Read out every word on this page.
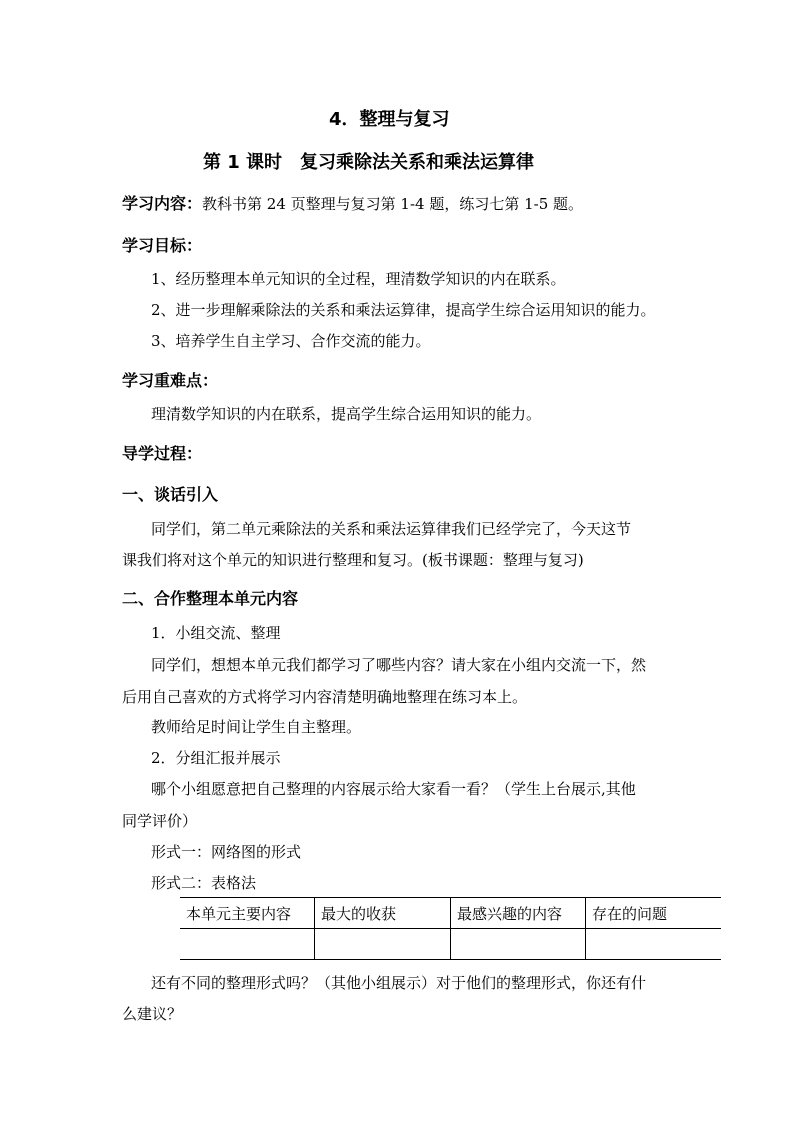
4．整理与复习
第 1 课时　复习乘除法关系和乘法运算律
学习内容：教科书第 24 页整理与复习第 1-4 题，练习七第 1-5 题。
学习目标：
1、经历整理本单元知识的全过程，理清数学知识的内在联系。
2、进一步理解乘除法的关系和乘法运算律，提高学生综合运用知识的能力。
3、培养学生自主学习、合作交流的能力。
学习重难点：
理清数学知识的内在联系，提高学生综合运用知识的能力。
导学过程：
一、谈话引入
同学们，第二单元乘除法的关系和乘法运算律我们已经学完了，今天这节
课我们将对这个单元的知识进行整理和复习。(板书课题：整理与复习)
二、合作整理本单元内容
1．小组交流、整理
同学们，想想本单元我们都学习了哪些内容？请大家在小组内交流一下，然
后用自己喜欢的方式将学习内容清楚明确地整理在练习本上。
教师给足时间让学生自主整理。
2．分组汇报并展示
哪个小组愿意把自己整理的内容展示给大家看一看？（学生上台展示,其他
同学评价）
形式一：网络图的形式
形式二：表格法
本单元主要内容	最大的收获	最感兴趣的内容	存在的问题

还有不同的整理形式吗？（其他小组展示）对于他们的整理形式，你还有什
么建议？
